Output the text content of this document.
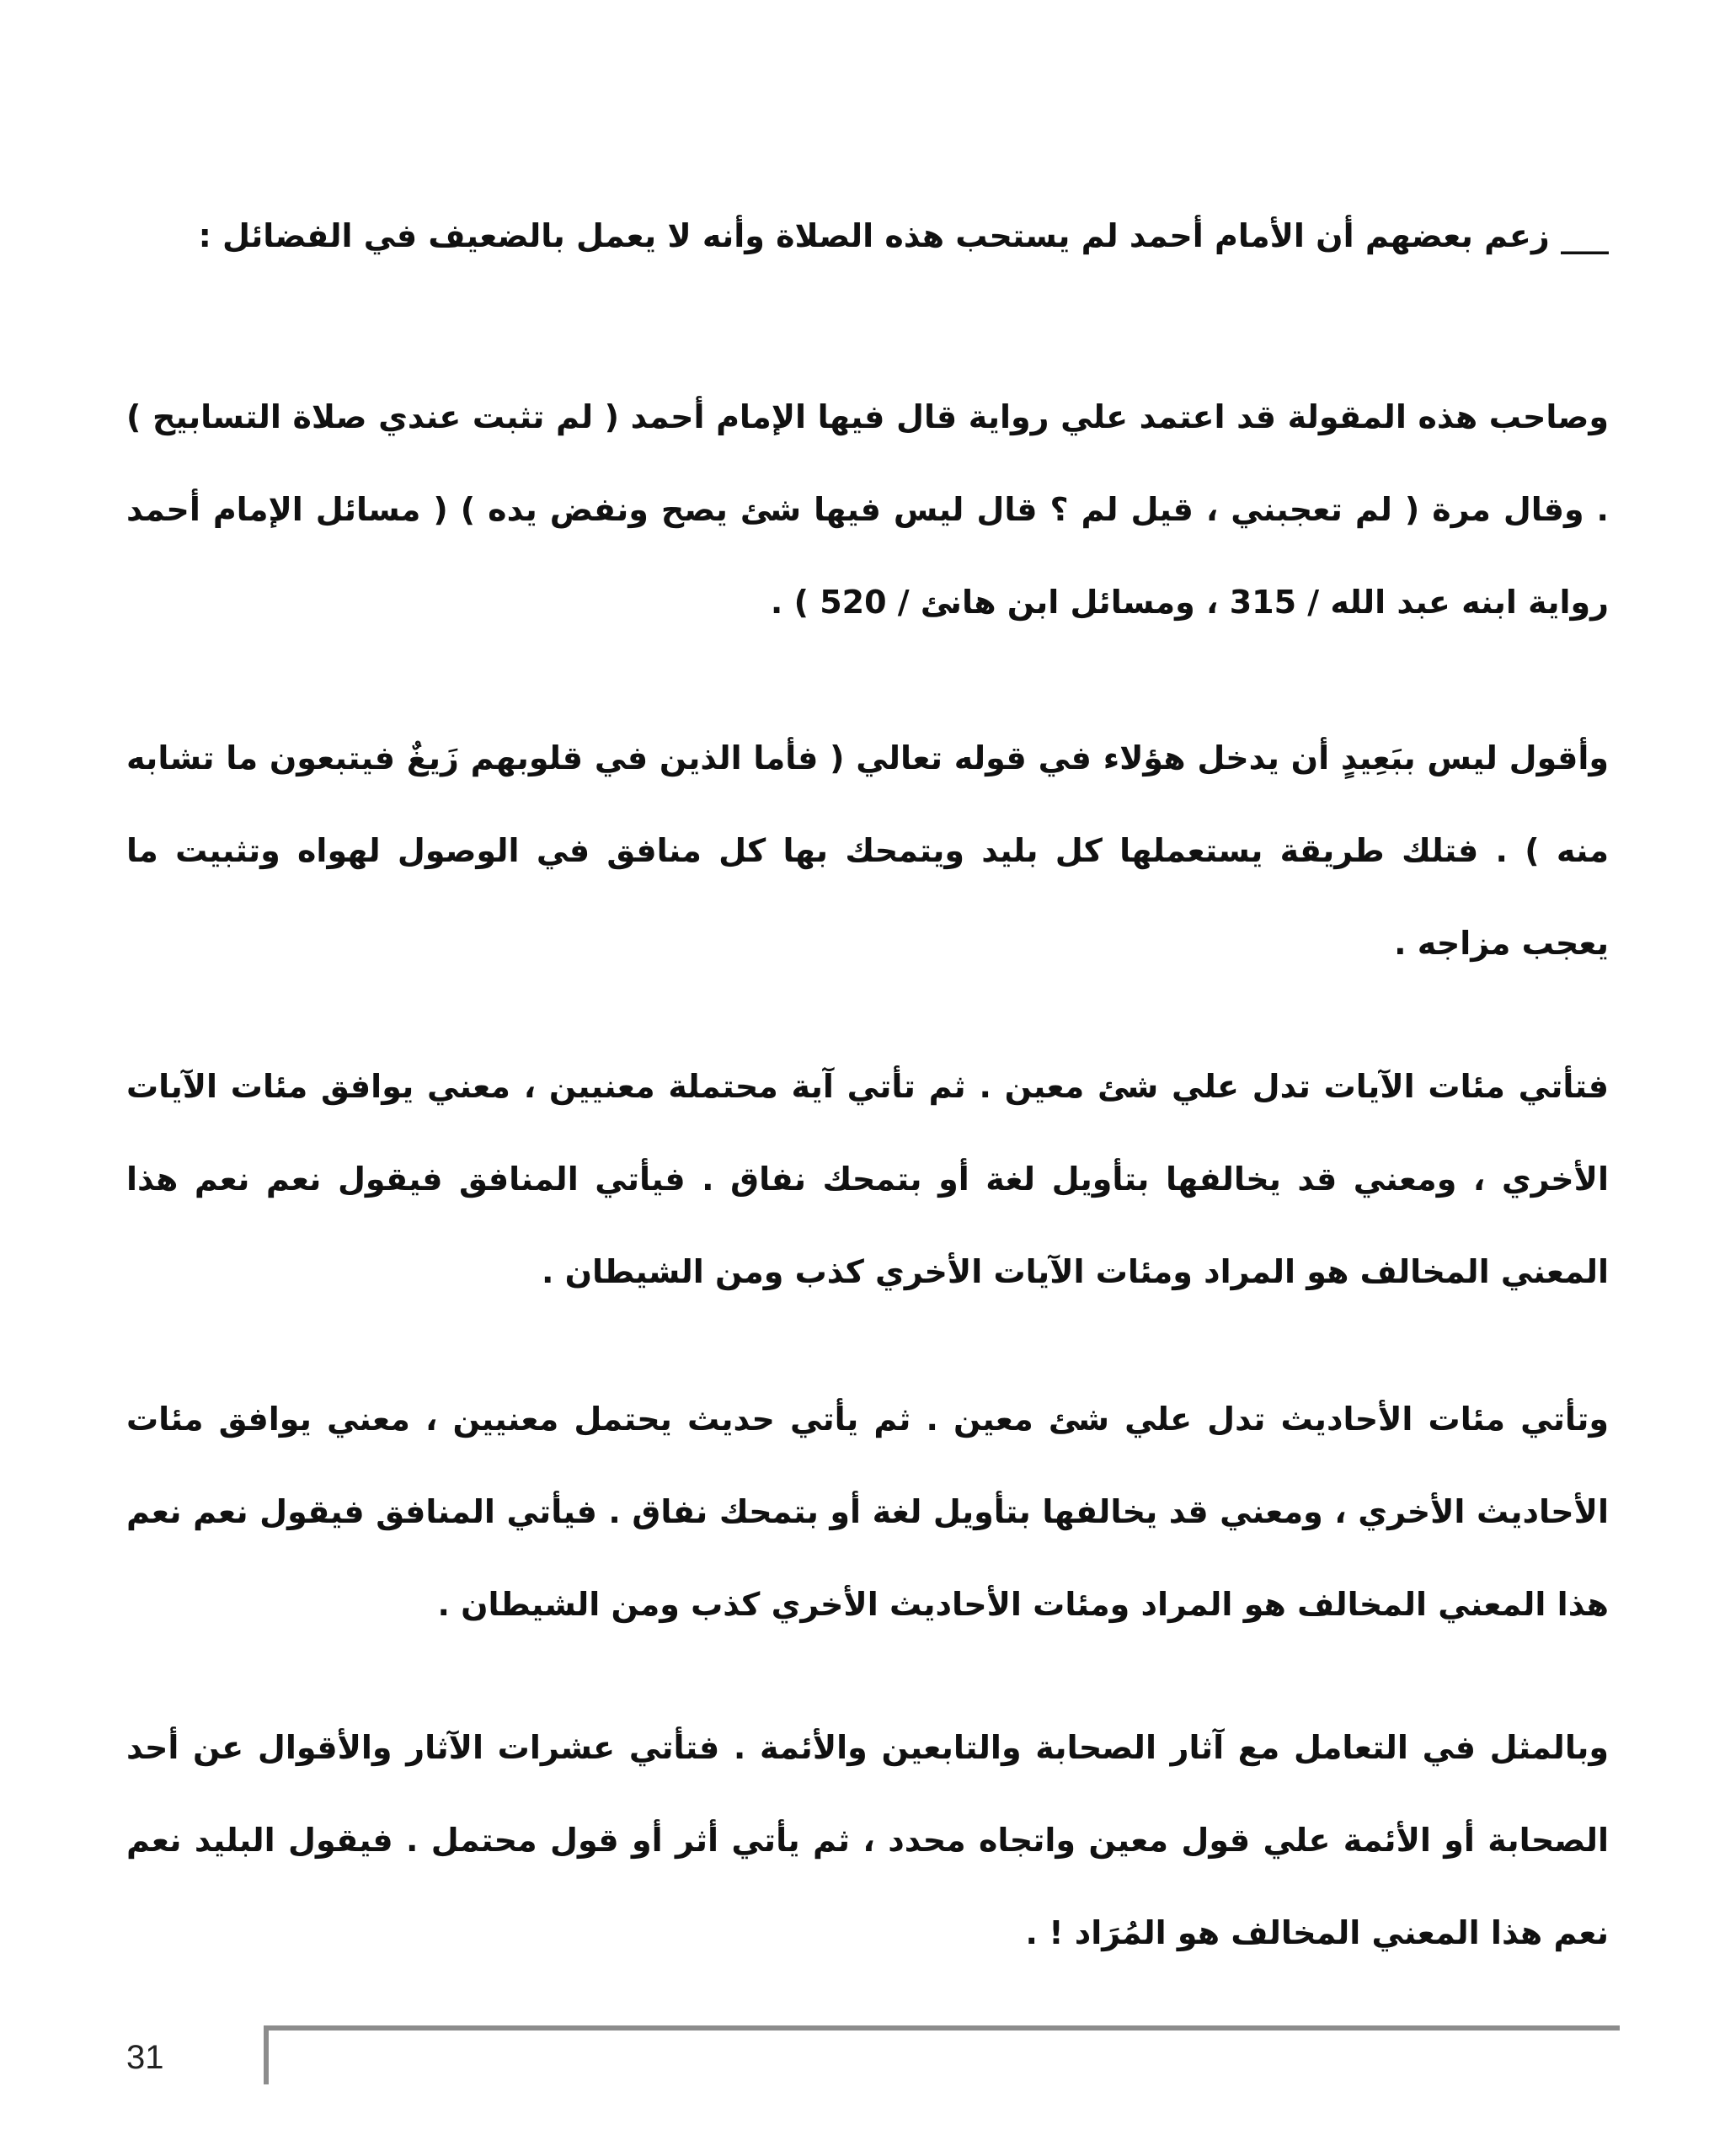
___ زعم بعضهم أن الأمام أحمد لم يستحب هذه الصلاة وأنه لا يعمل بالضعيف في الفضائل :

وصاحب هذه المقولة قد اعتمد علي رواية قال فيها الإمام أحمد ( لم تثبت عندي صلاة التسابيح ) . وقال مرة ( لم تعجبني ، قيل لم ؟ قال ليس فيها شئ يصح ونفض يده ) ( مسائل الإمام أحمد رواية ابنه عبد الله / 315 ، ومسائل ابن هانئ / 520 ) .

وأقول ليس ببَعِيدٍ أن يدخل هؤلاء في قوله تعالي ( فأما الذين في قلوبهم زَيغٌ فيتبعون ما تشابه منه ) . فتلك طريقة يستعملها كل بليد ويتمحك بها كل منافق في الوصول لهواه وتثبيت ما يعجب مزاجه .

فتأتي مئات الآيات تدل علي شئ معين . ثم تأتي آية محتملة معنيين ، معني يوافق مئات الآيات الأخري ، ومعني قد يخالفها بتأويل لغة أو بتمحك نفاق . فيأتي المنافق فيقول نعم نعم هذا المعني المخالف هو المراد ومئات الآيات الأخري كذب ومن الشيطان .

وتأتي مئات الأحاديث تدل علي شئ معين . ثم يأتي حديث يحتمل معنيين ، معني يوافق مئات الأحاديث الأخري ، ومعني قد يخالفها بتأويل لغة أو بتمحك نفاق . فيأتي المنافق فيقول نعم نعم هذا المعني المخالف هو المراد ومئات الأحاديث الأخري كذب ومن الشيطان .

وبالمثل في التعامل مع آثار الصحابة والتابعين والأئمة . فتأتي عشرات الآثار والأقوال عن أحد الصحابة أو الأئمة علي قول معين واتجاه محدد ، ثم يأتي أثر أو قول محتمل . فيقول البليد نعم نعم هذا المعني المخالف هو المُرَاد ! .

31
